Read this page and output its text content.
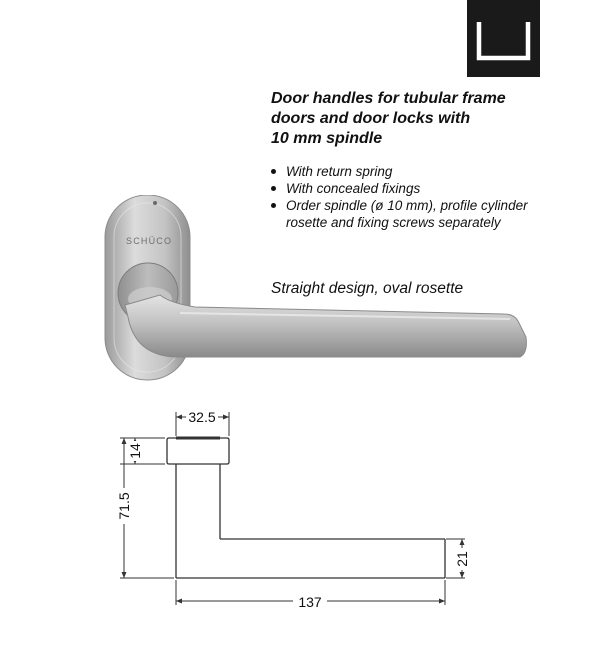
Door handles for tubular frame
doors and door locks with
10 mm spindle
With return spring
With concealed fixings
Order spindle (ø 10 mm), profile cylinder
rosette and fixing screws separately
Straight design, oval rosette
SCHÜCO
32.5
14
71.5
21
137
